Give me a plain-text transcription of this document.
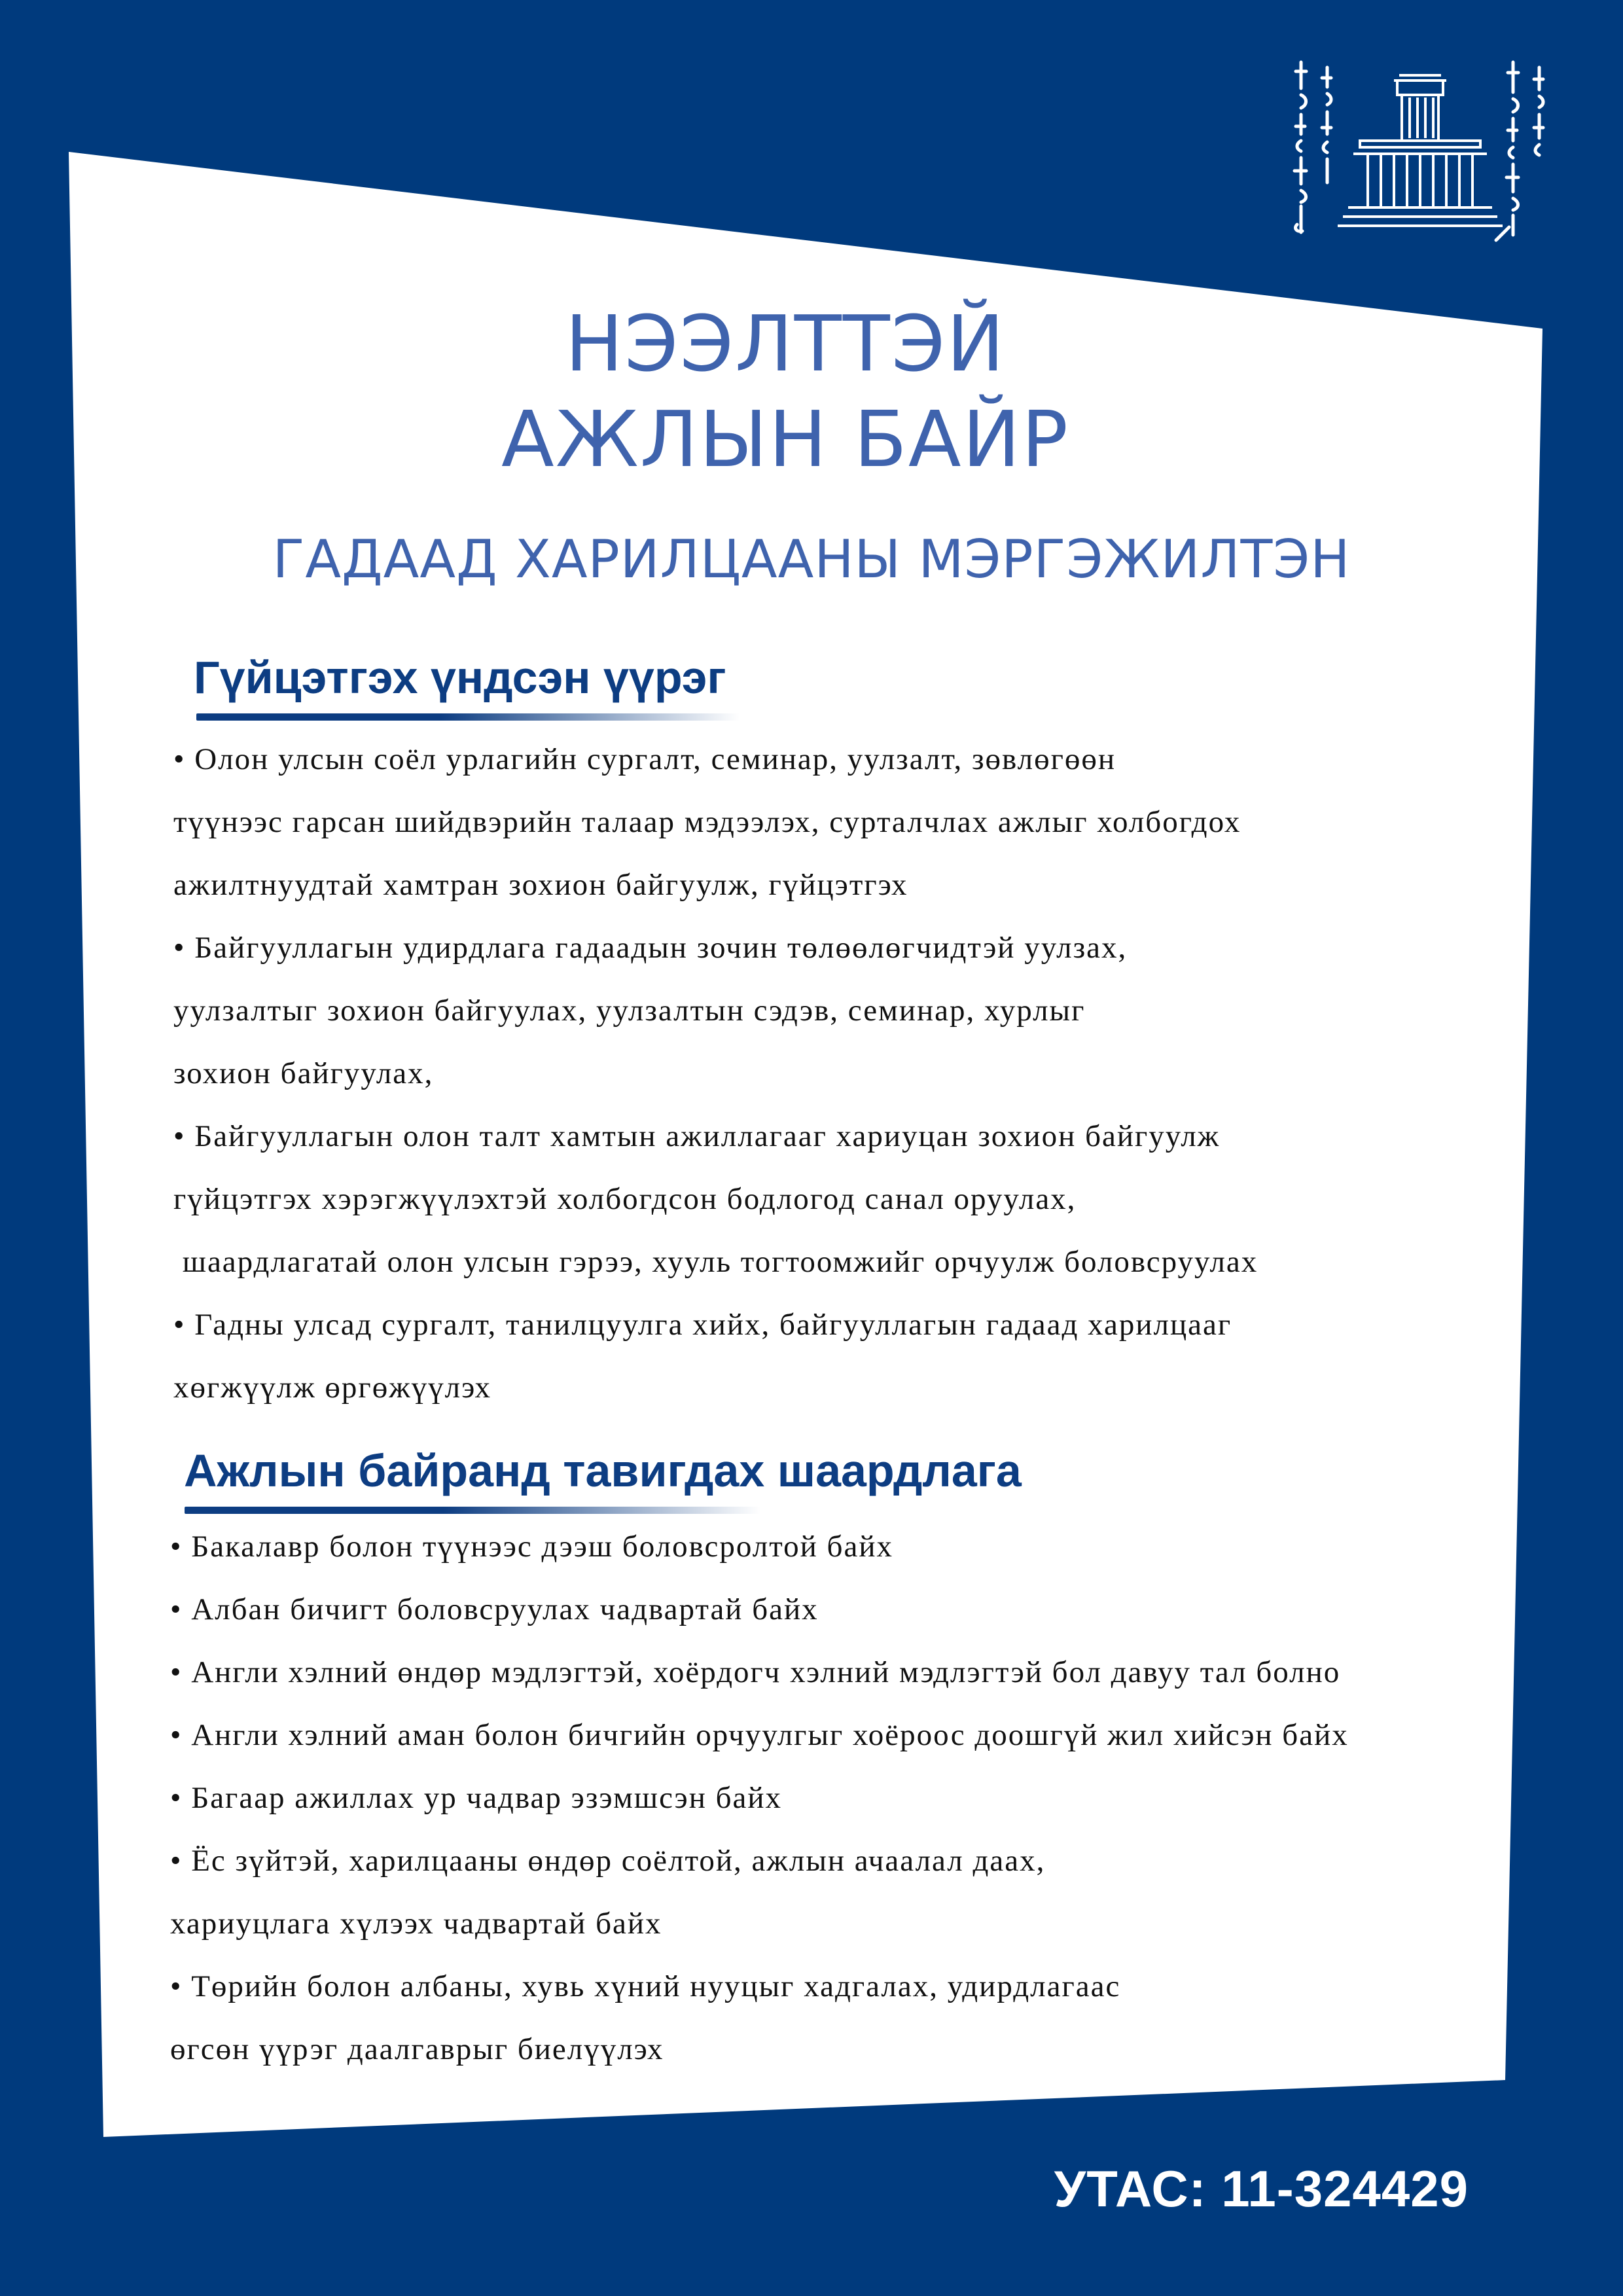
НЭЭЛТТЭЙ
АЖЛЫН БАЙР
ГАДААД ХАРИЛЦААНЫ МЭРГЭЖИЛТЭН
Гүйцэтгэх үндсэн үүрэг
• Олон улсын соёл урлагийн сургалт, семинар, уулзалт, зөвлөгөөн
түүнээс гарсан шийдвэрийн талаар мэдээлэх, сурталчлах ажлыг холбогдох
ажилтнуудтай хамтран зохион байгуулж, гүйцэтгэх
• Байгууллагын удирдлага гадаадын зочин төлөөлөгчидтэй уулзах,
уулзалтыг зохион байгуулах, уулзалтын сэдэв, семинар, хурлыг
зохион байгуулах,
• Байгууллагын олон талт хамтын ажиллагааг хариуцан зохион байгуулж
гүйцэтгэх хэрэгжүүлэхтэй холбогдсон бодлогод санал оруулах,
шаардлагатай олон улсын гэрээ, хууль тогтоомжийг орчуулж боловсруулах
• Гадны улсад сургалт, танилцуулга хийх, байгууллагын гадаад харилцааг
хөгжүүлж өргөжүүлэх
Ажлын байранд тавигдах шаардлага
• Бакалавр болон түүнээс дээш боловсролтой байх
• Албан бичигт боловсруулах чадвартай байх
• Англи хэлний өндөр мэдлэгтэй, хоёрдогч хэлний мэдлэгтэй бол давуу тал болно
• Англи хэлний аман болон бичгийн орчуулгыг хоёроос доошгүй жил хийсэн байх
• Багаар ажиллах ур чадвар эзэмшсэн байх
• Ёс зүйтэй, харилцааны өндөр соёлтой, ажлын ачаалал даах,
хариуцлага хүлээх чадвартай байх
• Төрийн болон албаны, хувь хүний нууцыг хадгалах, удирдлагаас
өгсөн үүрэг даалгаврыг биелүүлэх

УТАС: 11-324429
